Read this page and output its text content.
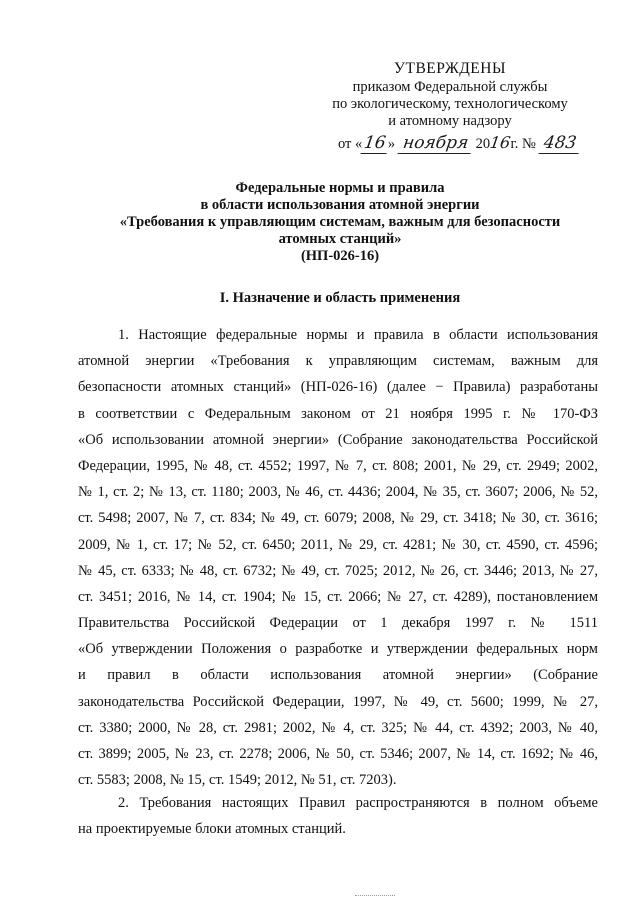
УТВЕРЖДЕНЫ
приказом Федеральной службы
по экологическому, технологическому
и атомному надзору
от «16» ноября 2016г. № 483
Федеральные нормы и правила
в области использования атомной энергии
«Требования к управляющим системам, важным для безопасности
атомных станций»
(НП-026-16)
I. Назначение и область применения
1. Настоящие федеральные нормы и правила в области использования
атомной энергии «Требования к управляющим системам, важным для
безопасности атомных станций» (НП-026-16) (далее − Правила) разработаны
в соответствии с Федеральным законом от 21 ноября 1995 г. № 170-ФЗ
«Об использовании атомной энергии» (Собрание законодательства Российской
Федерации, 1995, № 48, ст. 4552; 1997, № 7, ст. 808; 2001, № 29, ст. 2949; 2002,
№ 1, ст. 2; № 13, ст. 1180; 2003, № 46, ст. 4436; 2004, № 35, ст. 3607; 2006, № 52,
ст. 5498; 2007, № 7, ст. 834; № 49, ст. 6079; 2008, № 29, ст. 3418; № 30, ст. 3616;
2009, № 1, ст. 17; № 52, ст. 6450; 2011, № 29, ст. 4281; № 30, ст. 4590, ст. 4596;
№ 45, ст. 6333; № 48, ст. 6732; № 49, ст. 7025; 2012, № 26, ст. 3446; 2013, № 27,
ст. 3451; 2016, № 14, ст. 1904; № 15, ст. 2066; № 27, ст. 4289), постановлением
Правительства Российской Федерации от 1 декабря 1997 г. № 1511
«Об утверждении Положения о разработке и утверждении федеральных норм
и правил в области использования атомной энергии» (Собрание
законодательства Российской Федерации, 1997, № 49, ст. 5600; 1999, № 27,
ст. 3380; 2000, № 28, ст. 2981; 2002, № 4, ст. 325; № 44, ст. 4392; 2003, № 40,
ст. 3899; 2005, № 23, ст. 2278; 2006, № 50, ст. 5346; 2007, № 14, ст. 1692; № 46,
ст. 5583; 2008, № 15, ст. 1549; 2012, № 51, ст. 7203).
2. Требования настоящих Правил распространяются в полном объеме
на проектируемые блоки атомных станций.
